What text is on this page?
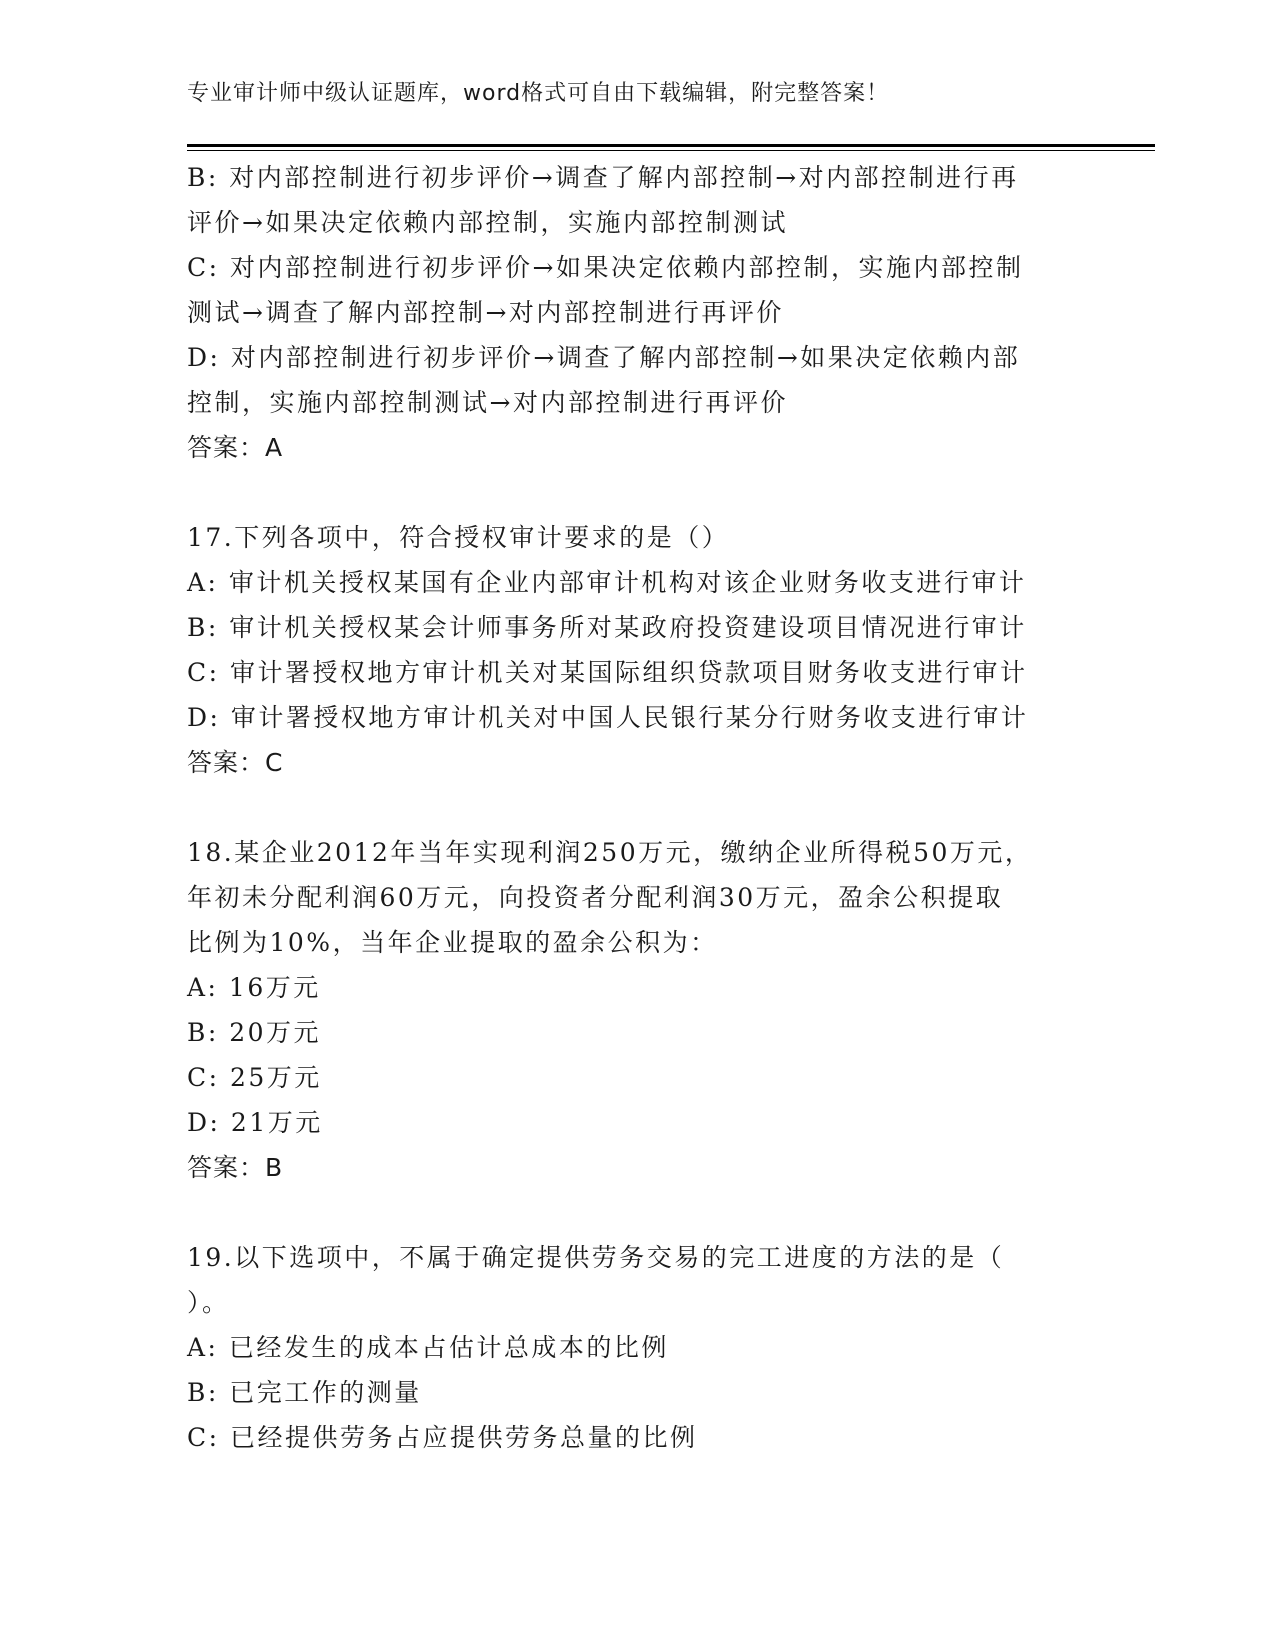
专业审计师中级认证题库，word格式可自由下载编辑，附完整答案！
B: 对内部控制进行初步评价→调查了解内部控制→对内部控制进行再
评价→如果决定依赖内部控制，实施内部控制测试
C: 对内部控制进行初步评价→如果决定依赖内部控制，实施内部控制
测试→调查了解内部控制→对内部控制进行再评价
D: 对内部控制进行初步评价→调查了解内部控制→如果决定依赖内部
控制，实施内部控制测试→对内部控制进行再评价
答案：A
17.下列各项中，符合授权审计要求的是（）
A: 审计机关授权某国有企业内部审计机构对该企业财务收支进行审计
B: 审计机关授权某会计师事务所对某政府投资建设项目情况进行审计
C: 审计署授权地方审计机关对某国际组织贷款项目财务收支进行审计
D: 审计署授权地方审计机关对中国人民银行某分行财务收支进行审计
答案：C
18.某企业2012年当年实现利润250万元，缴纳企业所得税50万元，
年初未分配利润60万元，向投资者分配利润30万元，盈余公积提取
比例为10%，当年企业提取的盈余公积为：
A: 16万元
B: 20万元
C: 25万元
D: 21万元
答案：B
19.以下选项中，不属于确定提供劳务交易的完工进度的方法的是（
）。
A: 已经发生的成本占估计总成本的比例
B: 已完工作的测量
C: 已经提供劳务占应提供劳务总量的比例
